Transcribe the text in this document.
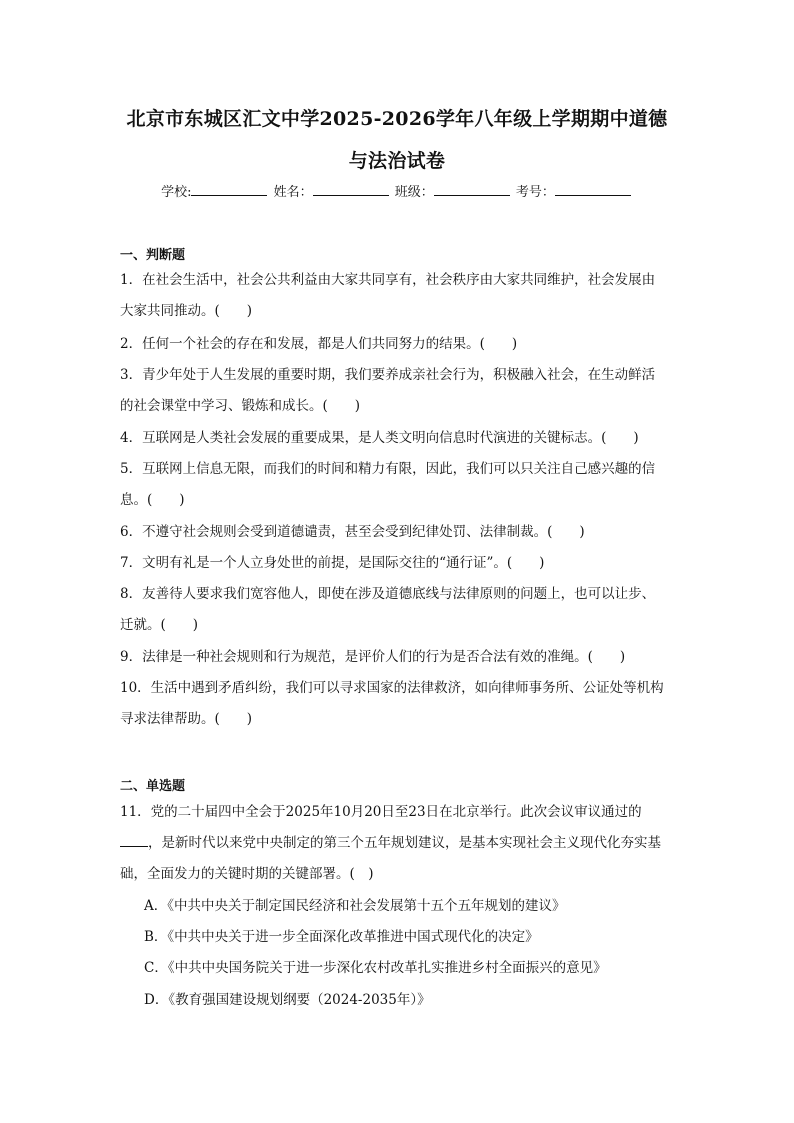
北京市东城区汇文中学2025-2026学年八年级上学期期中道德
与法治试卷
学校:	姓名：	班级：	考号：
一、判断题
1．在社会生活中，社会公共利益由大家共同享有，社会秩序由大家共同维护，社会发展由
大家共同推动。(　　)
2．任何一个社会的存在和发展，都是人们共同努力的结果。(　　)
3．青少年处于人生发展的重要时期，我们要养成亲社会行为，积极融入社会，在生动鲜活
的社会课堂中学习、锻炼和成长。(　　)
4．互联网是人类社会发展的重要成果，是人类文明向信息时代演进的关键标志。(　　)
5．互联网上信息无限，而我们的时间和精力有限，因此，我们可以只关注自己感兴趣的信
息。(　　)
6．不遵守社会规则会受到道德谴责，甚至会受到纪律处罚、法律制裁。(　　)
7．文明有礼是一个人立身处世的前提，是国际交往的“通行证”。(　　)
8．友善待人要求我们宽容他人，即使在涉及道德底线与法律原则的问题上，也可以让步、
迁就。(　　)
9．法律是一种社会规则和行为规范，是评价人们的行为是否合法有效的准绳。(　　)
10．生活中遇到矛盾纠纷，我们可以寻求国家的法律救济，如向律师事务所、公证处等机构
寻求法律帮助。(　　)
二、单选题
11．党的二十届四中全会于2025年10月20日至23日在北京举行。此次会议审议通过的
，是新时代以来党中央制定的第三个五年规划建议，是基本实现社会主义现代化夯实基
础，全面发力的关键时期的关键部署。(　)
A．《中共中央关于制定国民经济和社会发展第十五个五年规划的建议》
B．《中共中央关于进一步全面深化改革推进中国式现代化的决定》
C．《中共中央国务院关于进一步深化农村改革扎实推进乡村全面振兴的意见》
D．《教育强国建设规划纲要（2024-2035年）》
